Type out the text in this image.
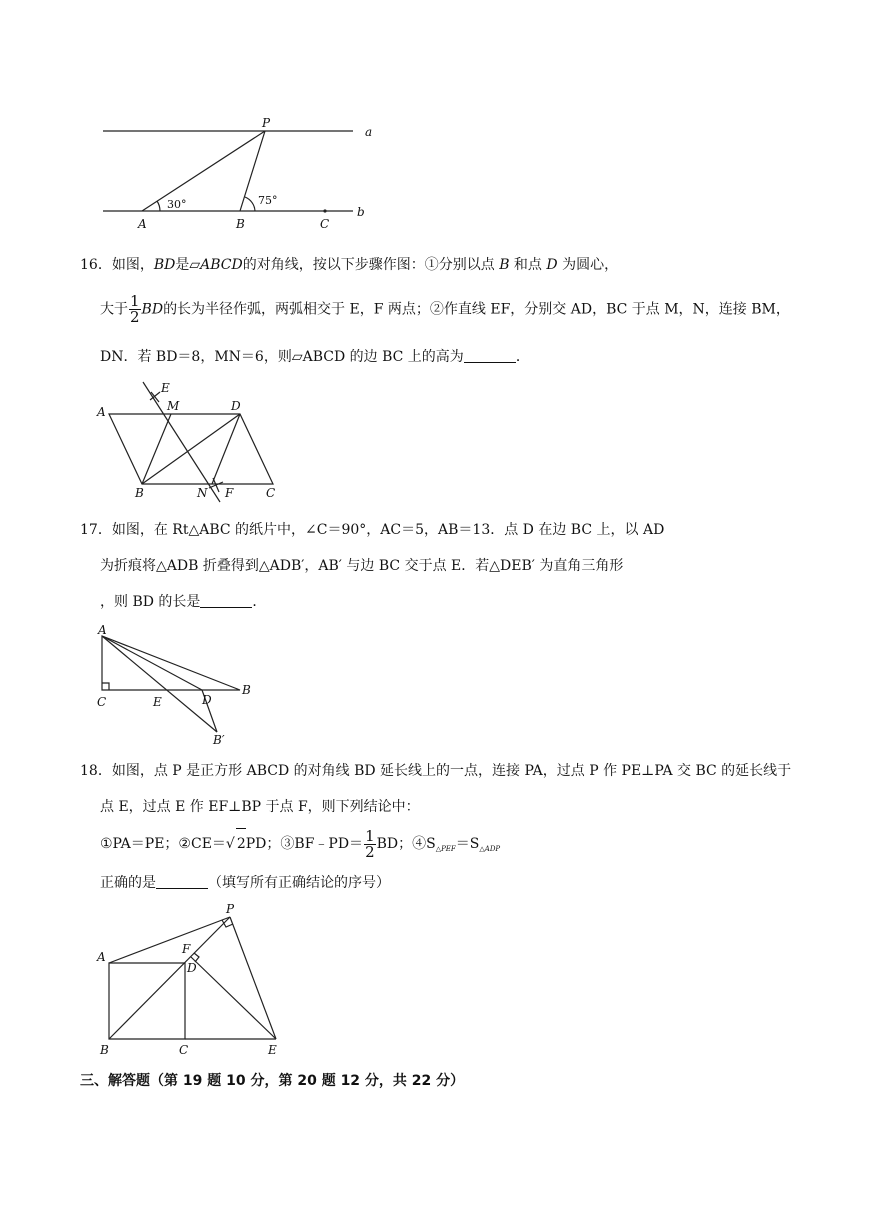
P
a
A	B	C
b
30°	75°
16．如图，BD是▱ABCD的对角线，按以下步骤作图：①分别以点 B 和点 D 为圆心，
大于 $\frac{1}{2}$ BD的长为半径作弧，两弧相交于 E，F 两点；②作直线 EF，分别交 AD，BC 于点 M，N，连接 BM，
DN．若 BD＝8，MN＝6，则▱ABCD 的边 BC 上的高为	．
E
M
A	D
B	N F	C
17．如图，在 Rt△ABC 的纸片中，∠C＝90°，AC＝5，AB＝13．点 D 在边 BC 上，以 AD
为折痕将△ADB 折叠得到△ADB′，AB′ 与边 BC 交于点 E．若△DEB′ 为直角三角形
，则 BD 的长是	．
A
C	E	D
B
B′
18．如图，点 P 是正方形 ABCD 的对角线 BD 延长线上的一点，连接 PA，过点 P 作 PE⊥PA 交 BC 的延长线于
点 E，过点 E 作 EF⊥BP 于点 F，则下列结论中：
①PA＝PE；②CE＝√ 2PD；③BF﹣PD＝ $\frac{1}{2}$ BD；$④S_{\triangle PEF}=S_{\triangle ADP}$
正确的是	（填写所有正确结论的序号）
P
A
F
D
B	C	E
三、解答题（第 19 题 10 分，第 20 题 12 分，共 22 分）
